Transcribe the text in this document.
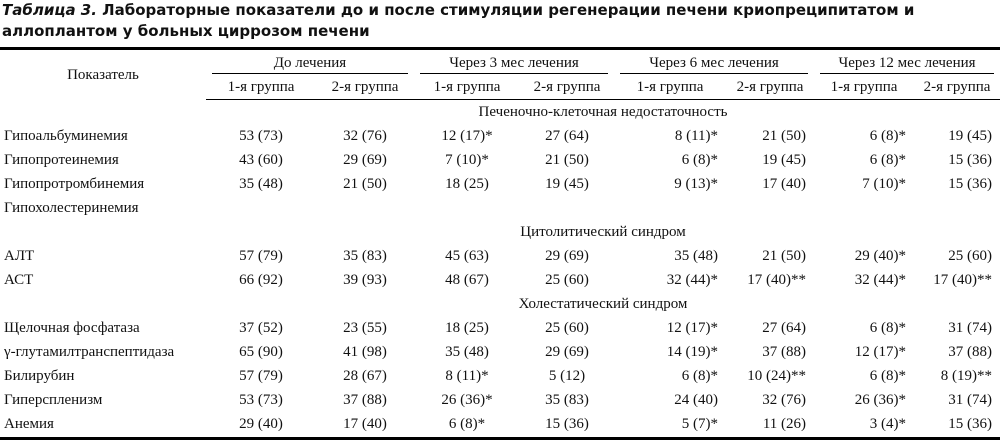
Таблица 3. Лабораторные показатели до и после стимуляции регенерации печени криопреципитатом и аллоплантом у больных циррозом печени
Показатель	До лечения		Через 3 мес лечения		Через 6 мес лечения		Через 12 мес лечения	

	1-я группа	2-я группа	1-я группа	2-я группа	1-я группа	2-я группа	1-я группа	2-я группа
	Печеночно-клеточная недостаточность							
Гипоальбуминемия	53 (73)	32 (76)	12 (17)*	27 (64)	8 (11)*	21 (50)	6 (8)*	19 (45)
Гипопротеинемия	43 (60)	29 (69)	7 (10)*	21 (50)	6 (8)*	19 (45)	6 (8)*	15 (36)
Гипопротромбинемия	35 (48)	21 (50)	18 (25)	19 (45)	9 (13)*	17 (40)	7 (10)*	15 (36)
Гипохолестеринемия								
	Цитолитический синдром							
АЛТ	57 (79)	35 (83)	45 (63)	29 (69)	35 (48)	21 (50)	29 (40)*	25 (60)
АСТ	66 (92)	39 (93)	48 (67)	25 (60)	32 (44)*	17 (40)**	32 (44)*	17 (40)**
	Холестатический синдром							
Щелочная фосфатаза	37 (52)	23 (55)	18 (25)	25 (60)	12 (17)*	27 (64)	6 (8)*	31 (74)
γ-глутамилтранспептидаза	65 (90)	41 (98)	35 (48)	29 (69)	14 (19)*	37 (88)	12 (17)*	37 (88)
Билирубин	57 (79)	28 (67)	8 (11)*	5 (12)	6 (8)*	10 (24)**	6 (8)*	8 (19)**
Гиперспленизм	53 (73)	37 (88)	26 (36)*	35 (83)	24 (40)	32 (76)	26 (36)*	31 (74)
Анемия	29 (40)	17 (40)	6 (8)*	15 (36)	5 (7)*	11 (26)	3 (4)*	15 (36)
